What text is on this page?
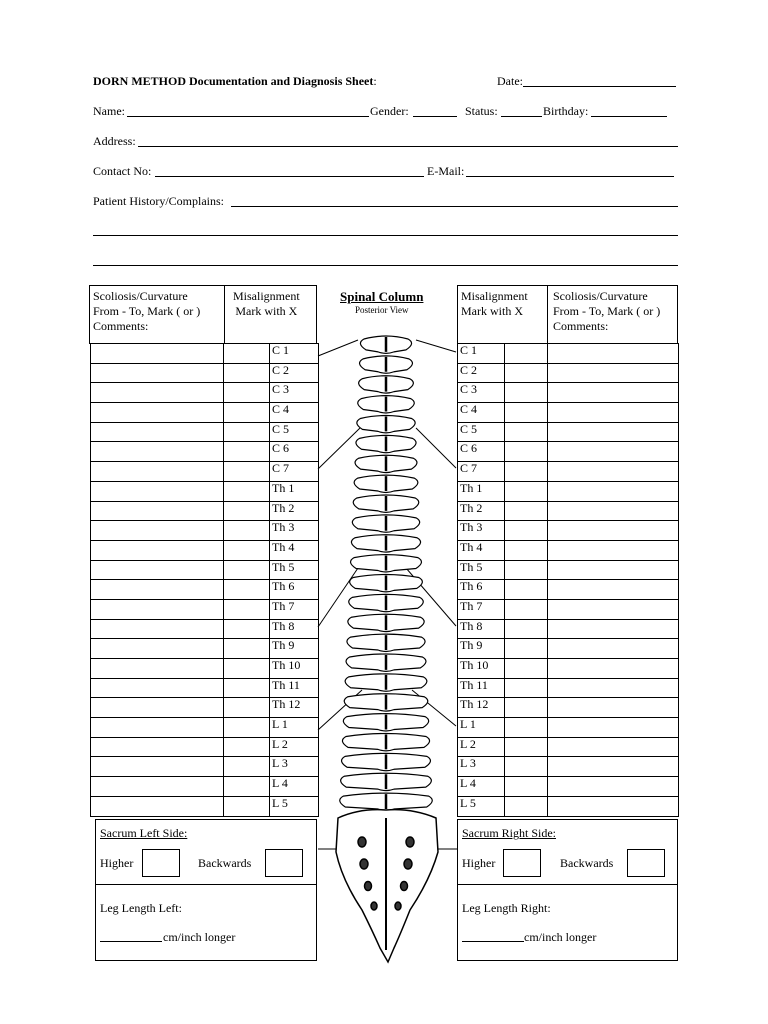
DORN METHOD Documentation and Diagnosis Sheet:	Date:
Name:	Gender:	Status:	Birthday:
Address:
Contact No:	E-Mail:
Patient History/Complains:
Scoliosis/Curvature
From - To, Mark ( or )
Comments:
Misalignment
Mark with X
		C 1
		C 2
		C 3
		C 4
		C 5
		C 6
		C 7
		Th 1
		Th 2
		Th 3
		Th 4
		Th 5
		Th 6
		Th 7
		Th 8
		Th 9
		Th 10
		Th 11
		Th 12
		L 1
		L 2
		L 3
		L 4
		L 5
Misalignment
Mark with X
Scoliosis/Curvature
From - To, Mark ( or )
Comments:
C 1		
C 2		
C 3		
C 4		
C 5		
C 6		
C 7		
Th 1		
Th 2		
Th 3		
Th 4		
Th 5		
Th 6		
Th 7		
Th 8		
Th 9		
Th 10		
Th 11		
Th 12		
L 1		
L 2		
L 3		
L 4		
L 5		
Spinal Column
Posterior View
Sacrum Left Side:
Higher	Backwards
Leg Length Left:
cm/inch longer
Sacrum Right Side:
Higher	Backwards
Leg Length Right:
cm/inch longer
